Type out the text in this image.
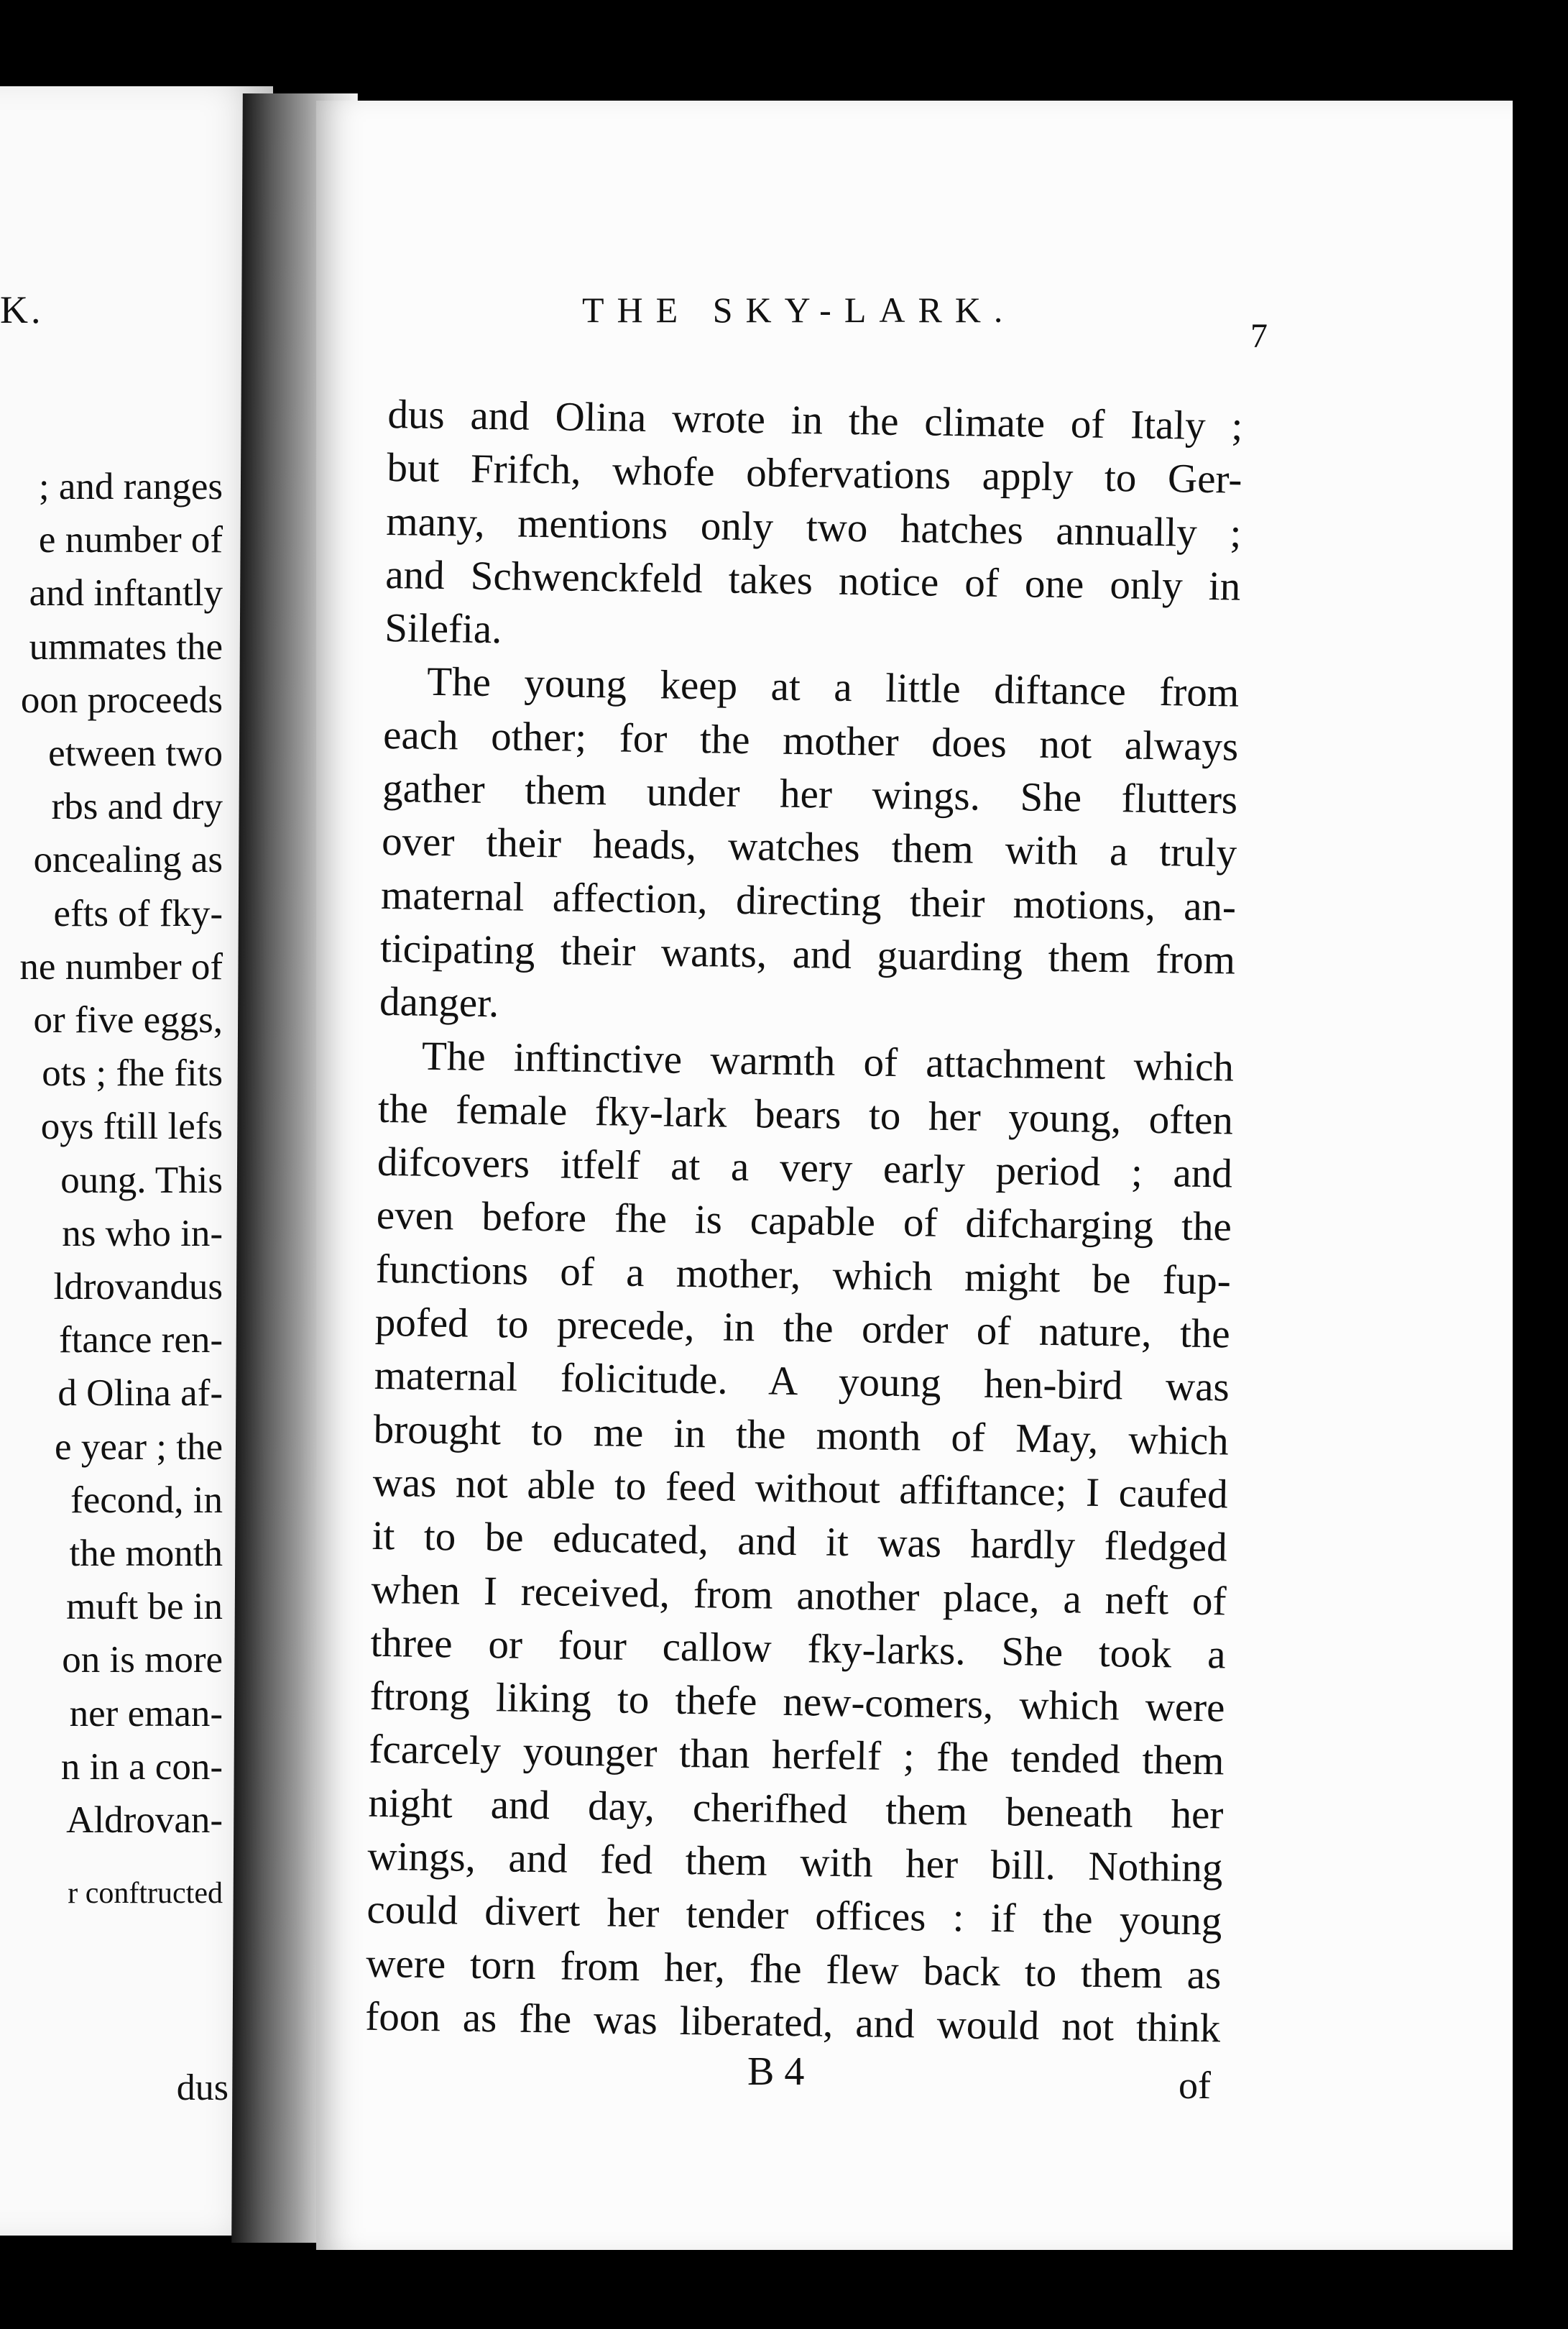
K.
; and ranges
e number of
and inftantly
ummates the
oon proceeds
etween two
rbs and dry
oncealing as
efts of fky-
ne number of
or five eggs,
ots ; fhe fits
oys ftill lefs
oung. This
ns who in-
ldrovandus
ftance ren-
d Olina af-
e year ; the
fecond, in
the month
muft be in
on is more
ner eman-
n in a con-
Aldrovan-
r conftructed
dus
THE SKY-LARK.
7
dus and Olina wrote in the climate of Italy ;
but Frifch, whofe obfervations apply to Ger-
many, mentions only two hatches annually ;
and Schwenckfeld takes notice of one only in
Silefia.
The young keep at a little diftance from
each other; for the mother does not always
gather them under her wings. She flutters
over their heads, watches them with a truly
maternal affection, directing their motions, an-
ticipating their wants, and guarding them from
danger.
The inftinctive warmth of attachment which
the female fky-lark bears to her young, often
difcovers itfelf at a very early period ; and
even before fhe is capable of difcharging the
functions of a mother, which might be fup-
pofed to precede, in the order of nature, the
maternal folicitude. A young hen-bird was
brought to me in the month of May, which
was not able to feed without affiftance; I caufed
it to be educated, and it was hardly fledged
when I received, from another place, a neft of
three or four callow fky-larks. She took a
ftrong liking to thefe new-comers, which were
fcarcely younger than herfelf ; fhe tended them
night and day, cherifhed them beneath her
wings, and fed them with her bill. Nothing
could divert her tender offices : if the young
were torn from her, fhe flew back to them as
foon as fhe was liberated, and would not think
B 4	of
